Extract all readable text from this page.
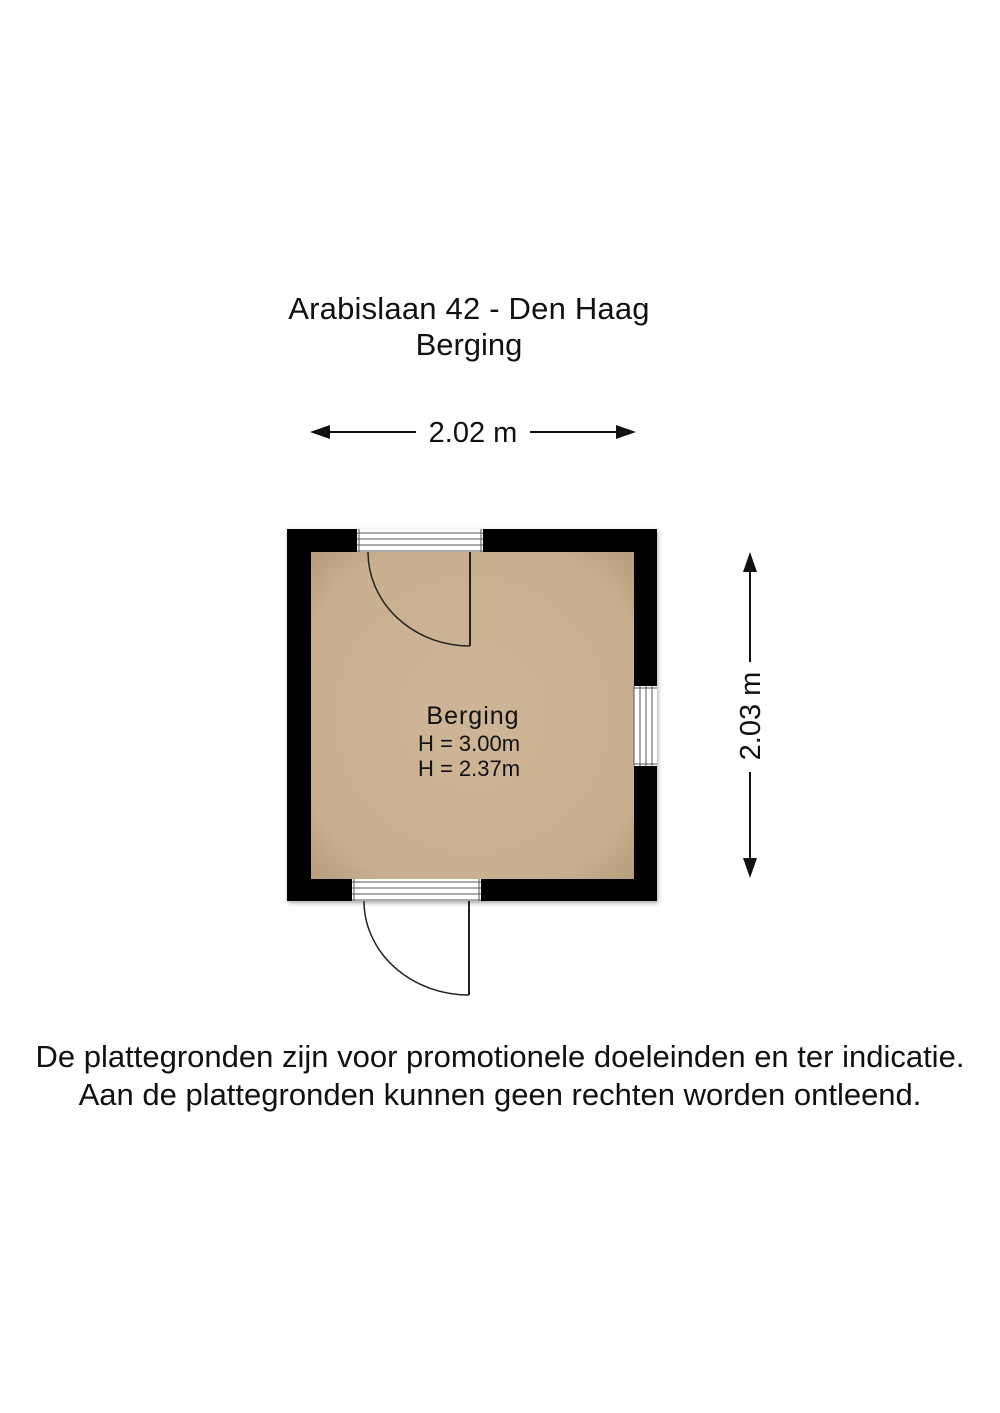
Arabislaan 42 - Den Haag
Berging
2.02 m
2.03 m
Berging
H = 3.00m
H = 2.37m
De plattegronden zijn voor promotionele doeleinden en ter indicatie.
Aan de plattegronden kunnen geen rechten worden ontleend.
